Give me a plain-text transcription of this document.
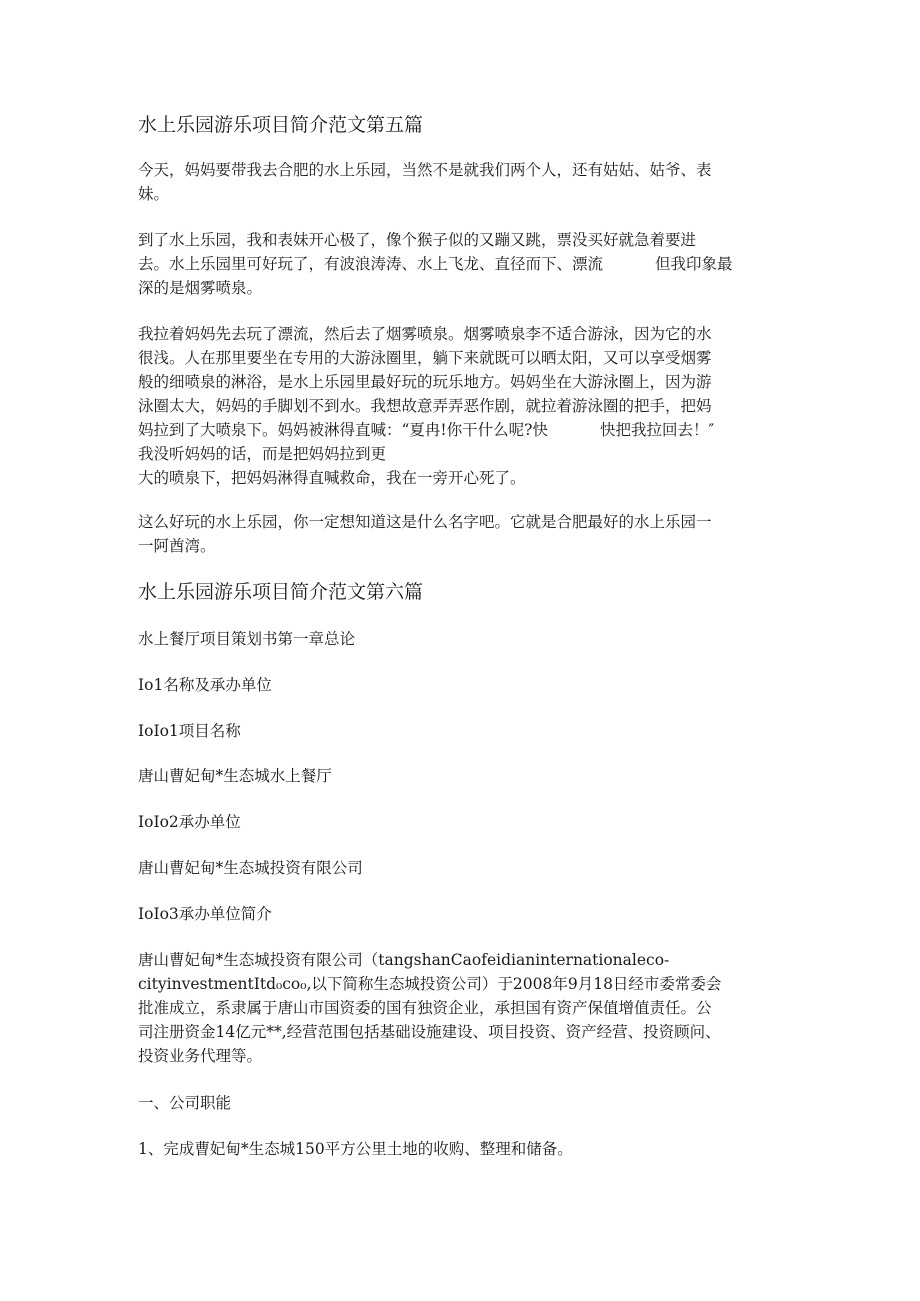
水上乐园游乐项目简介范文第五篇
今天，妈妈要带我去合肥的水上乐园，当然不是就我们两个人，还有姑姑、姑爷、表
妹。
到了水上乐园，我和表妹开心极了，像个猴子似的又蹦又跳，票没买好就急着要进
去。水上乐园里可好玩了，有波浪涛涛、水上飞龙、直径而下、漂流	但我印象最
深的是烟雾喷泉。
我拉着妈妈先去玩了漂流，然后去了烟雾喷泉。烟雾喷泉李不适合游泳，因为它的水
很浅。人在那里要坐在专用的大游泳圈里，躺下来就既可以晒太阳，又可以享受烟雾
般的细喷泉的淋浴，是水上乐园里最好玩的玩乐地方。妈妈坐在大游泳圈上，因为游
泳圈太大，妈妈的手脚划不到水。我想故意弄弄恶作剧，就拉着游泳圈的把手，把妈
妈拉到了大喷泉下。妈妈被淋得直喊：“夏冉!你干什么呢?快	快把我拉回去！″
我没听妈妈的话，而是把妈妈拉到更
大的喷泉下，把妈妈淋得直喊救命，我在一旁开心死了。
这么好玩的水上乐园，你一定想知道这是什么名字吧。它就是合肥最好的水上乐园一
一阿酋湾。
水上乐园游乐项目简介范文第六篇
水上餐厅项目策划书第一章总论
Io1名称及承办单位
IoIo1项目名称
唐山曹妃甸*生态城水上餐厅
IoIo2承办单位
唐山曹妃甸*生态城投资有限公司
IoIo3承办单位简介
唐山曹妃甸*生态城投资有限公司（tangshanCaofeidianinternationaleco-
cityinvestmentItd₀co₀,以下简称生态城投资公司）于2008年9月18日经市委常委会
批准成立，系隶属于唐山市国资委的国有独资企业，承担国有资产保值增值责任。公
司注册资金14亿元**,经营范围包括基础设施建设、项目投资、资产经营、投资顾问、
投资业务代理等。
一、公司职能
1、完成曹妃甸*生态城150平方公里土地的收购、整理和储备。
